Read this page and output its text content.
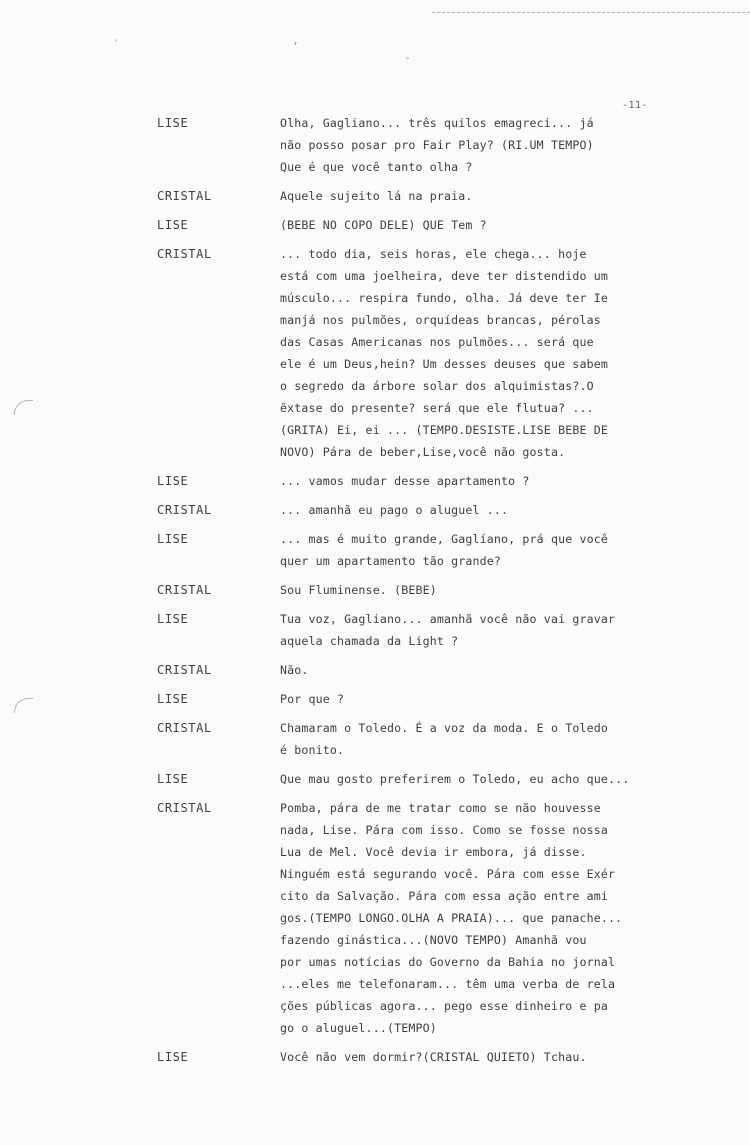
`	’
°
-11-
LISE	Olha, Gagliano... três quilos emagreci... já
não posso posar pro Fair Play? (RI.UM TEMPO)
Que é que você tanto olha ?
CRISTAL	Aquele sujeito lá na praia.
LISE	(BEBE NO COPO DELE) QUE Tem ?
CRISTAL	... todo dia, seis horas, ele chega... hoje
está com uma joelheira, deve ter distendido um
músculo... respira fundo, olha. Já deve ter Ie
manjá nos pulmões, orquídeas brancas, pérolas
das Casas Americanas nos pulmões... será que
ele é um Deus,hein? Um desses deuses que sabem
o segredo da árbore solar dos alquimistas?.O
êxtase do presente? será que ele flutua? ...
(GRITA) Ei, ei ... (TEMPO.DESISTE.LISE BEBE DE
NOVO) Pára de beber,Lise,você não gosta.
LISE	... vamos mudar desse apartamento ?
CRISTAL	... amanhã eu pago o aluguel ...
LISE	... mas é muito grande, Gaglíano, prá que você
quer um apartamento tão grande?
CRISTAL	Sou Fluminense. (BEBE)
LISE	Tua voz, Gagliano... amanhã você não vai gravar
aquela chamada da Light ?
CRISTAL	Não.
LISE	Por que ?
CRISTAL	Chamaram o Toledo. É a voz da moda. E o Toledo
é bonito.
LISE	Que mau gosto preferirem o Toledo, eu acho que...
CRISTAL	Pomba, pára de me tratar como se não houvesse
nada, Lise. Pára com isso. Como se fosse nossa
Lua de Mel. Você devia ir embora, já disse.
Ninguém está segurando você. Pára com esse Exér
cito da Salvação. Pára com essa ação entre ami
gos.(TEMPO LONGO.OLHA A PRAIA)... que panache...
fazendo ginástica...(NOVO TEMPO) Amanhã vou
por umas notícias do Governo da Bahia no jornal
...eles me telefonaram... têm uma verba de rela
ções públicas agora... pego esse dinheiro e pa
go o aluguel...(TEMPO)
LISE	Você não vem dormir?(CRISTAL QUIETO) Tchau.
